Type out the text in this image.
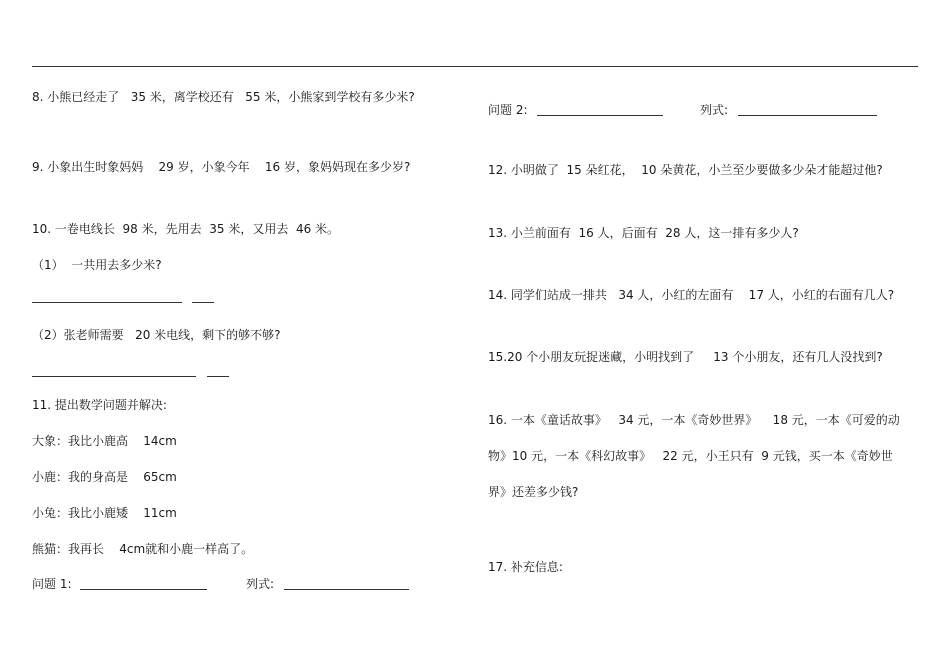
8. 小熊已经走了   35 米，离学校还有   55 米，小熊家到学校有多少米?
9. 小象出生时象妈妈    29 岁，小象今年    16 岁，象妈妈现在多少岁?
10. 一卷电线长  98 米，先用去  35 米，又用去  46 米。
（1）  一共用去多少米?
（2）张老师需要   20 米电线，剩下的够不够?
11. 提出数学问题并解决:
大象：我比小鹿高    14cm
小鹿：我的身高是    65cm
小兔：我比小鹿矮    11cm
熊猫：我再长    4cm就和小鹿一样高了。
问题 1:	列式:
问题 2:	列式:
12. 小明做了  15 朵红花，  10 朵黄花，小兰至少要做多少朵才能超过他?
13. 小兰前面有  16 人，后面有  28 人，这一排有多少人?
14. 同学们站成一排共   34 人，小红的左面有    17 人，小红的右面有几人?
15.20 个小朋友玩捉迷藏，小明找到了     13 个小朋友，还有几人没找到?
16. 一本《童话故事》   34 元，一本《奇妙世界》    18 元，一本《可爱的动
物》10 元，一本《科幻故事》   22 元，小王只有  9 元钱，买一本《奇妙世
界》还差多少钱?
17. 补充信息:
